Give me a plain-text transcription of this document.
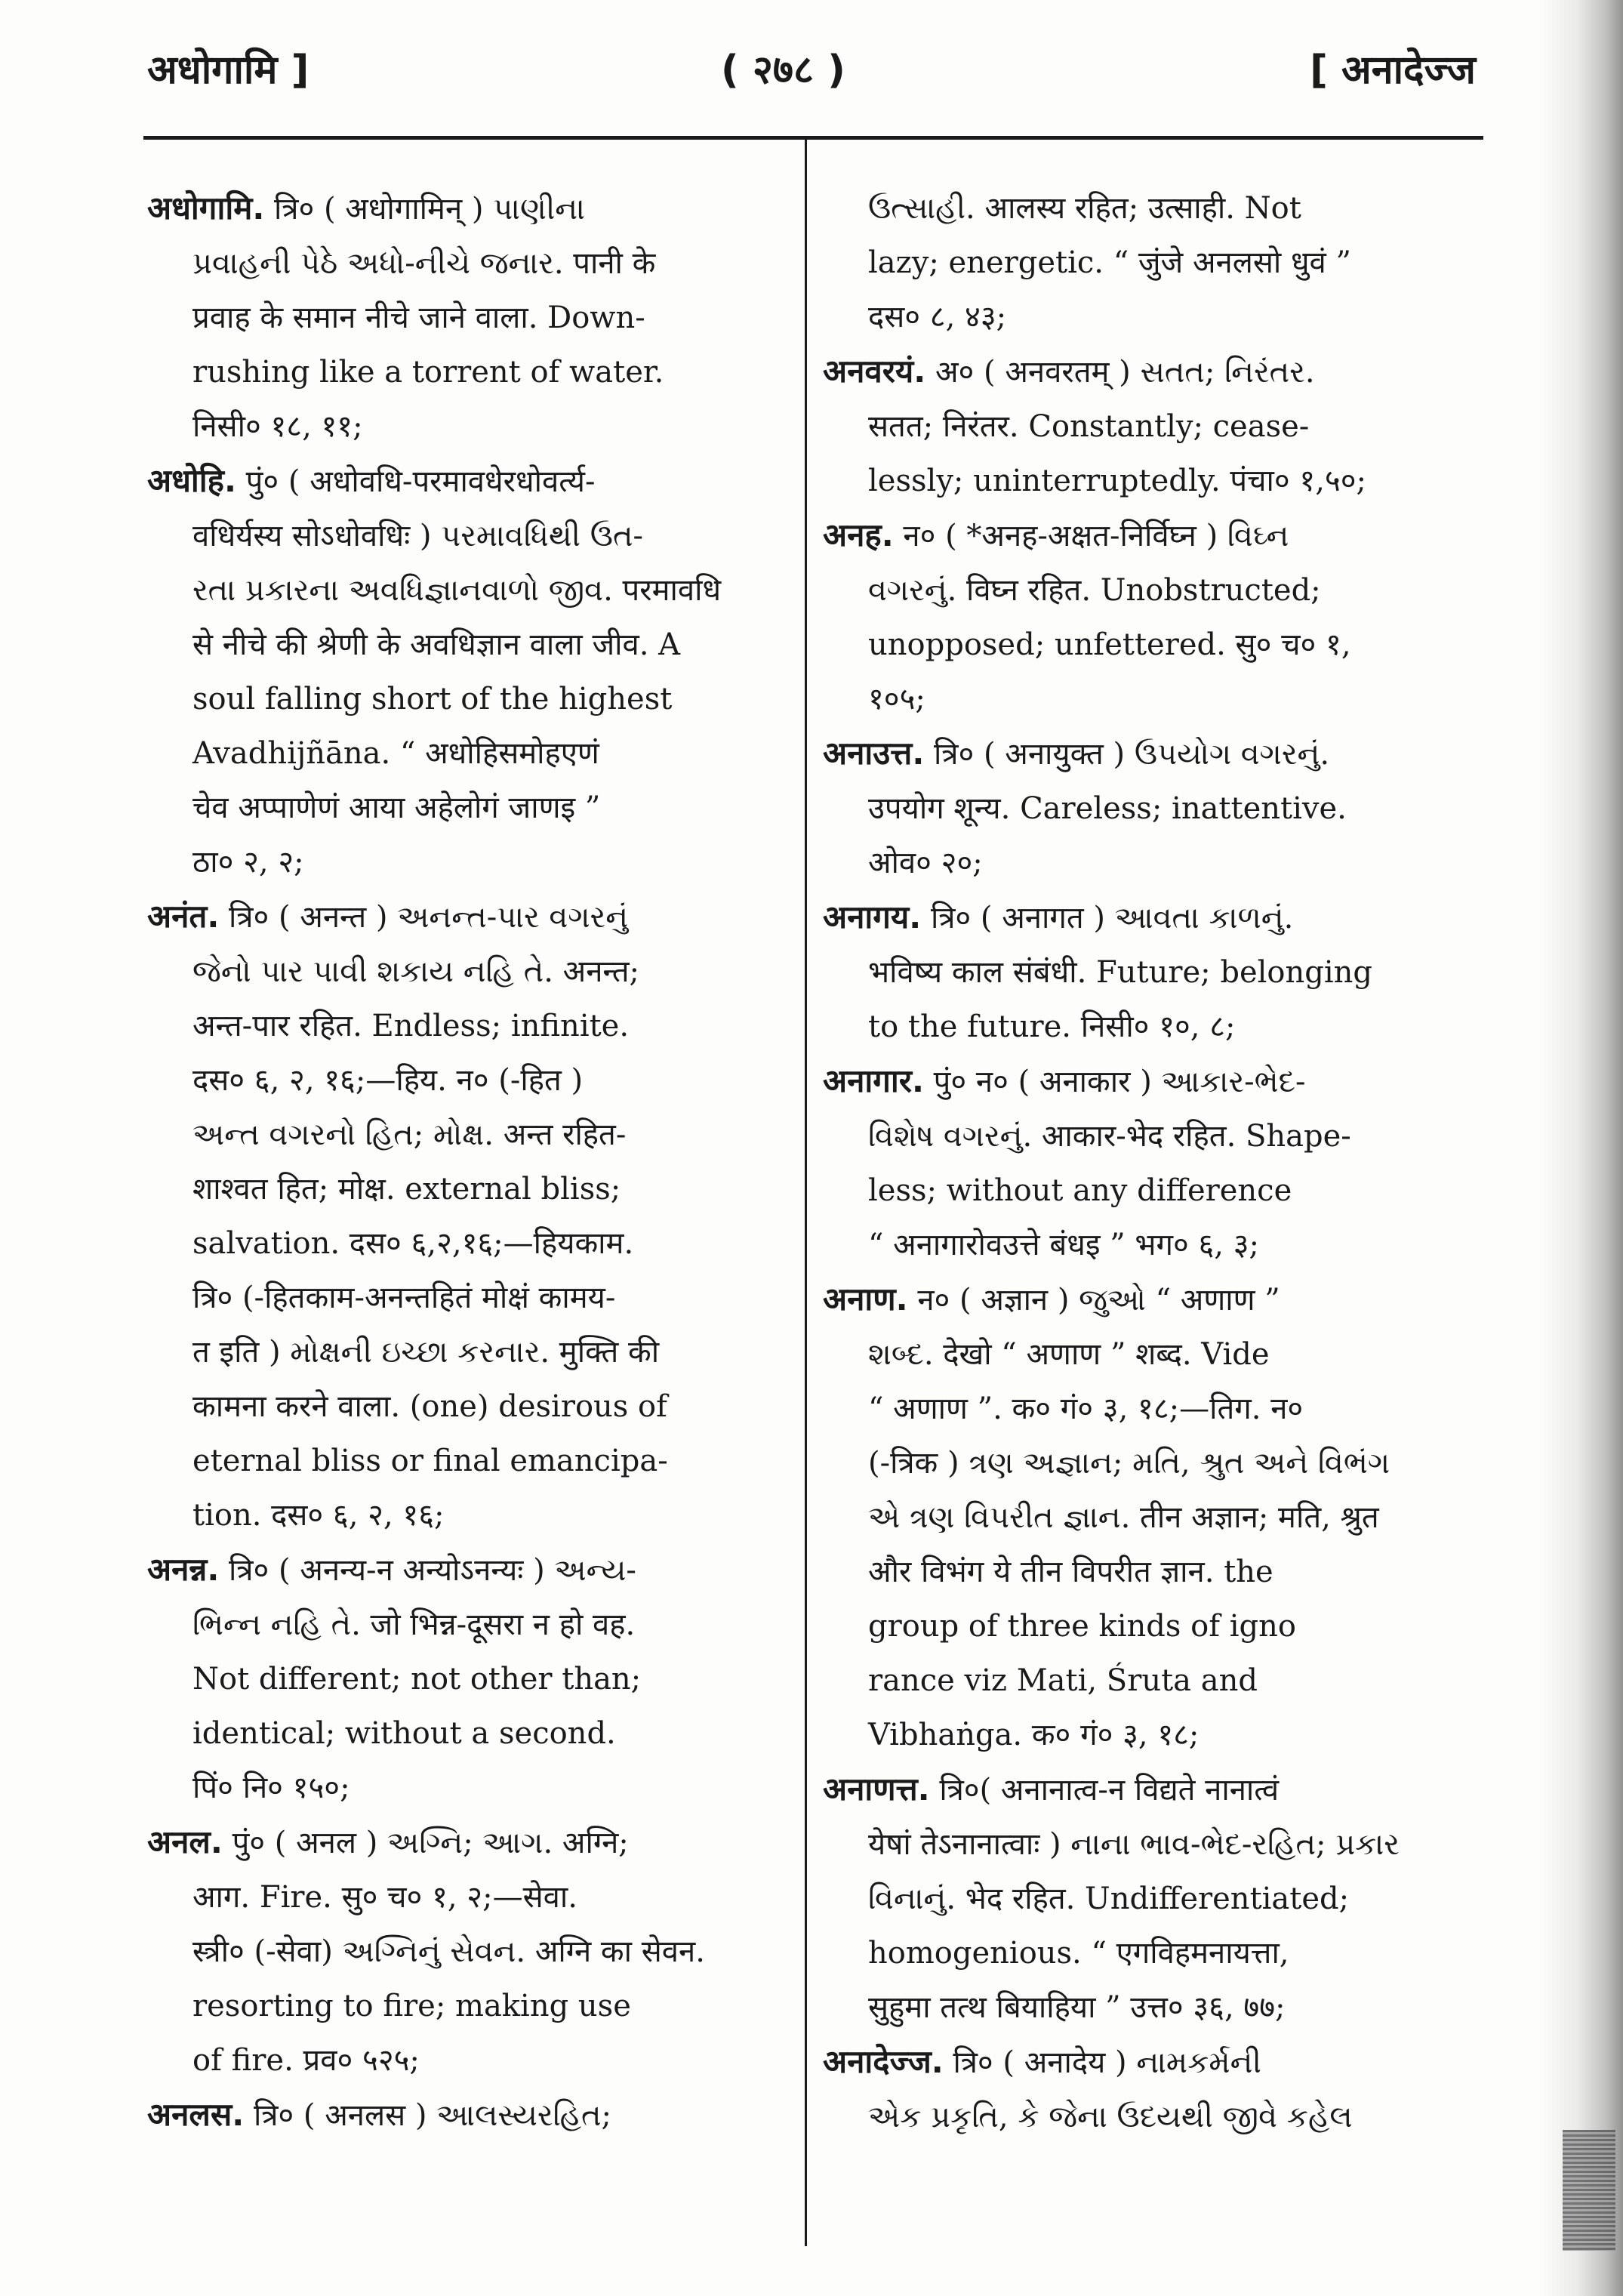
अधोगामि ]	( २७८ )	[ अनादेज्ज
अधोगामि. त्रि० ( अधोगामिन् ) પાણીના
પ્રવાહની પેઠે અધો-નીચે જનાર. पानी के
प्रवाह के समान नीचे जाने वाला. Down-
rushing like a torrent of water.
निसी० १८, ११;
अधोहि. पुं० ( अधोवधि-परमावधेरधोवर्त्य-
वधिर्यस्य सोऽधोवधिः ) પરમાવધિથી ઉત-
રતા પ્રકારના અવધિજ્ઞાનવાળો જીવ. परमावधि
से नीचे की श्रेणी के अवधिज्ञान वाला जीव. A
soul falling short of the highest
Avadhijñāna. “ अधोहिसमोहएणं
चेव अप्पाणेणं आया अहेलोगं जाणइ ”
ठा० २, २;
अनंत. त्रि० ( अनन्त ) અનન્ત-પાર વગરનું
જેનો પાર પાવી શકાય નહિ તે. अनन्त;
अन्त-पार रहित. Endless; infinite.
दस० ६, २, १६;—हिय. न० (-हित )
અન્ત વગરનો હિત; મોક્ષ. अन्त रहित-
शाश्वत हित; मोक्ष. external bliss;
salvation. दस० ६,२,१६;—हियकाम.
त्रि० (-हितकाम-अनन्तहितं मोक्षं कामय-
त इति ) મોક્ષની ઇચ્છા કરનાર. मुक्ति की
कामना करने वाला. (one) desirous of
eternal bliss or final emancipa-
tion. दस० ६, २, १६;
अनन्न. त्रि० ( अनन्य-न अन्योऽनन्यः ) અન્ય-
ભિન્ન નહિ તે. जो भिन्न-दूसरा न हो वह.
Not different; not other than;
identical; without a second.
पिं० नि० १५०;
अनल. पुं० ( अनल ) અગ્નિ; આગ. अग्नि;
आग. Fire. सु० च० १, २;—सेवा.
स्त्री० (-सेवा) અગ્નિનું સેવન. अग्नि का सेवन.
resorting to fire; making use
of fire. प्रव० ५२५;
अनलस. त्रि० ( अनलस ) આલસ્યરહિત;
ઉત્સાહી. आलस्य रहित; उत्साही. Not
lazy; energetic. “ जुंजे अनलसो धुवं ”
दस० ८, ४३;
अनवरयं. अ० ( अनवरतम् ) સતત; નિરંતર.
सतत; निरंतर. Constantly; cease-
lessly; uninterruptedly. पंचा० १,५०;
अनह. न० ( *अनह-अक्षत-निर्विघ्न ) વિઘ્ન
વગરનું. विघ्न रहित. Unobstructed;
unopposed; unfettered. सु० च० १,
१०५;
अनाउत्त. त्रि० ( अनायुक्त ) ઉપયોગ વગરનું.
उपयोग शून्य. Careless; inattentive.
ओव० २०;
अनागय. त्रि० ( अनागत ) આવતા કાળનું.
भविष्य काल संबंधी. Future; belonging
to the future. निसी० १०, ८;
अनागार. पुं० न० ( अनाकार ) આકાર-ભેદ-
વિશેષ વગરનું. आकार-भेद रहित. Shape-
less; without any difference
“ अनागारोवउत्ते बंधइ ” भग० ६, ३;
अनाण. न० ( अज्ञान ) જુઓ “ अणाण ”
શબ્દ. देखो “ अणाण ” शब्द. Vide
“ अणाण ”. क० गं० ३, १८;—तिग. न०
(-त्रिक ) ત્રણ અજ્ઞાન; મતિ, શ્રુત અને વિભંગ
એ ત્રણ વિપરીત જ્ઞાન. तीन अज्ञान; मति, श्रुत
और विभंग ये तीन विपरीत ज्ञान. the
group of three kinds of igno
rance viz Mati, Śruta and
Vibhaṅga. क० गं० ३, १८;
अनाणत्त. त्रि०( अनानात्व-न विद्यते नानात्वं
येषां तेऽनानात्वाः ) નાના ભાવ-ભેદ-રહિત; પ્રકાર
વિનાનું. भेद रहित. Undifferentiated;
homogenious. “ एगविहमनायत्ता,
सुहुमा तत्थ बियाहिया ” उत्त० ३६, ७७;
अनादेज्ज. त्रि० ( अनादेय ) નામકર્મની
એક પ્રકૃતિ, કે જેના ઉદયથી જીવે કહેલ
